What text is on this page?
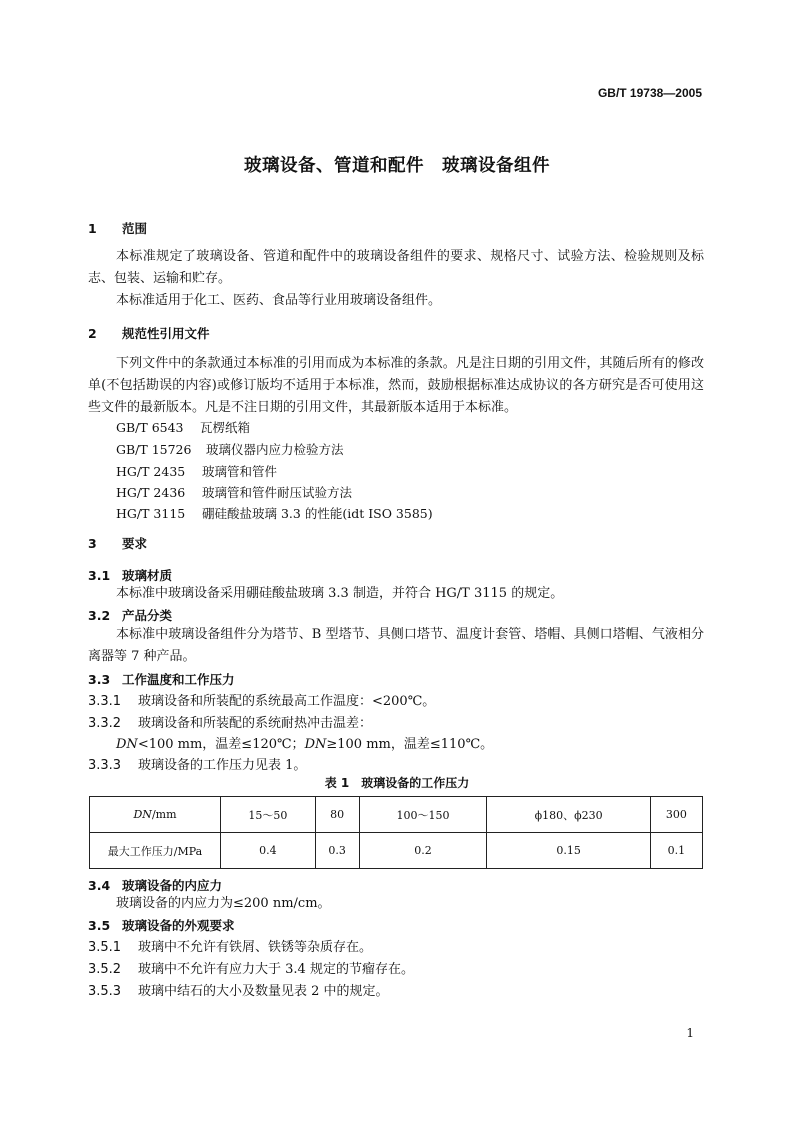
GB/T 19738—2005
玻璃设备、管道和配件　玻璃设备组件
1 范围
本标准规定了玻璃设备、管道和配件中的玻璃设备组件的要求、规格尺寸、试验方法、检验规则及标志、包装、运输和贮存。
本标准适用于化工、医药、食品等行业用玻璃设备组件。
2 规范性引用文件
下列文件中的条款通过本标准的引用而成为本标准的条款。凡是注日期的引用文件，其随后所有的修改单(不包括勘误的内容)或修订版均不适用于本标准，然而，鼓励根据标准达成协议的各方研究是否可使用这些文件的最新版本。凡是不注日期的引用文件，其最新版本适用于本标准。
GB/T 6543 瓦楞纸箱
GB/T 15726 玻璃仪器内应力检验方法
HG/T 2435 玻璃管和管件
HG/T 2436 玻璃管和管件耐压试验方法
HG/T 3115 硼硅酸盐玻璃 3.3 的性能(idt ISO 3585)
3 要求
3.1 玻璃材质
本标准中玻璃设备采用硼硅酸盐玻璃 3.3 制造，并符合 HG/T 3115 的规定。
3.2 产品分类
本标准中玻璃设备组件分为塔节、B 型塔节、具侧口塔节、温度计套管、塔帽、具侧口塔帽、气液相分离器等 7 种产品。
3.3 工作温度和工作压力
3.3.1 玻璃设备和所装配的系统最高工作温度：<200℃。
3.3.2 玻璃设备和所装配的系统耐热冲击温差：
DN<100 mm，温差≤120℃；DN≥100 mm，温差≤110℃。
3.3.3 玻璃设备的工作压力见表 1。
表 1　玻璃设备的工作压力
DN/mm	15～50	80	100～150	ϕ180、ϕ230	300
最大工作压力/MPa	0.4	0.3	0.2	0.15	0.1
3.4 玻璃设备的内应力
玻璃设备的内应力为≤200 nm/cm。
3.5 玻璃设备的外观要求
3.5.1 玻璃中不允许有铁屑、铁锈等杂质存在。
3.5.2 玻璃中不允许有应力大于 3.4 规定的节瘤存在。
3.5.3 玻璃中结石的大小及数量见表 2 中的规定。
1
